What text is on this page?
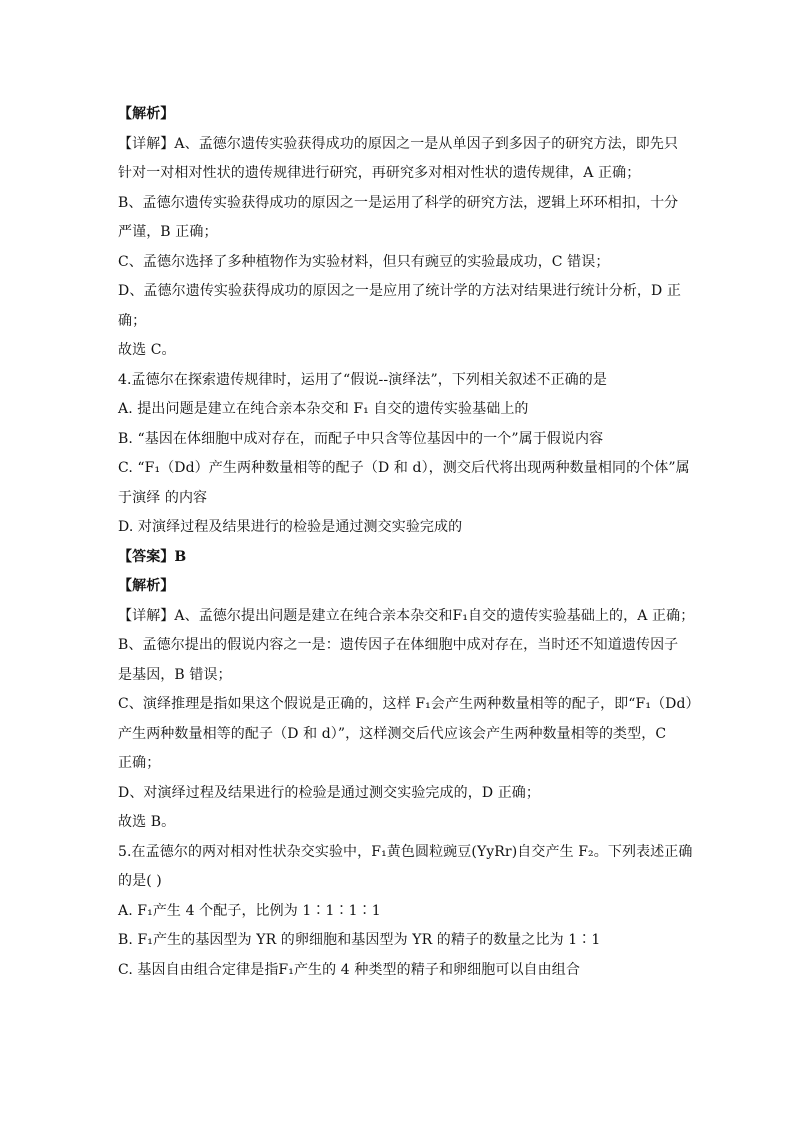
【解析】
【详解】A、孟德尔遗传实验获得成功的原因之一是从单因子到多因子的研究方法，即先只
针对一对相对性状的遗传规律进行研究，再研究多对相对性状的遗传规律，A 正确；
B、孟德尔遗传实验获得成功的原因之一是运用了科学的研究方法，逻辑上环环相扣，十分
严谨，B 正确；
C、孟德尔选择了多种植物作为实验材料，但只有豌豆的实验最成功，C 错误；
D、孟德尔遗传实验获得成功的原因之一是应用了统计学的方法对结果进行统计分析，D 正
确；
故选 C。
4.孟德尔在探索遗传规律时，运用了“假说--演绎法”，下列相关叙述不正确的是
A. 提出问题是建立在纯合亲本杂交和 F₁ 自交的遗传实验基础上的
B. “基因在体细胞中成对存在，而配子中只含等位基因中的一个”属于假说内容
C. “F₁（Dd）产生两种数量相等的配子（D 和 d），测交后代将出现两种数量相同的个体”属
于演绎 的内容
D. 对演绎过程及结果进行的检验是通过测交实验完成的
【答案】B
【解析】
【详解】A、孟德尔提出问题是建立在纯合亲本杂交和F₁自交的遗传实验基础上的，A 正确；
B、孟德尔提出的假说内容之一是：遗传因子在体细胞中成对存在，当时还不知道遗传因子
是基因，B 错误；
C、演绎推理是指如果这个假说是正确的，这样 F₁会产生两种数量相等的配子，即“F₁（Dd）
产生两种数量相等的配子（D 和 d）”，这样测交后代应该会产生两种数量相等的类型，C
正确；
D、对演绎过程及结果进行的检验是通过测交实验完成的，D 正确；
故选 B。
5.在孟德尔的两对相对性状杂交实验中，F₁黄色圆粒豌豆(YyRr)自交产生 F₂。下列表述正确
的是( )
A. F₁产生 4 个配子，比例为 1∶1∶1∶1
B. F₁产生的基因型为 YR 的卵细胞和基因型为 YR 的精子的数量之比为 1∶1
C. 基因自由组合定律是指F₁产生的 4 种类型的精子和卵细胞可以自由组合
